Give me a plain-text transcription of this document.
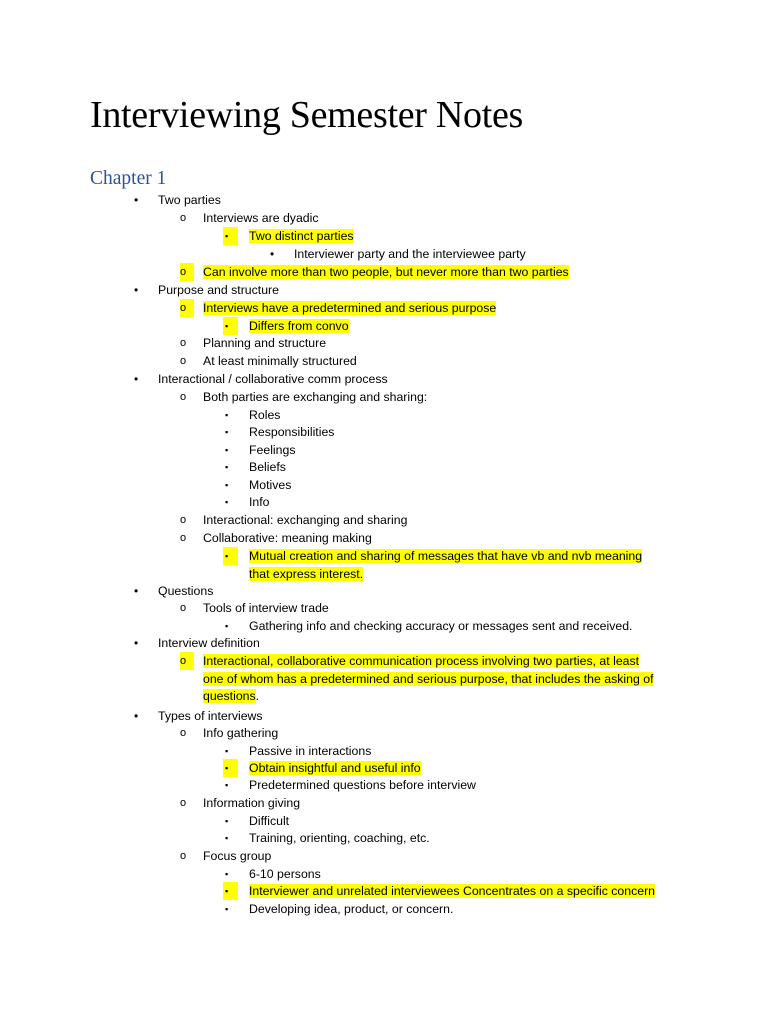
Interviewing Semester Notes
Chapter 1
• Two parties
o Interviews are dyadic
▪	Two distinct parties
• Interviewer party and the interviewee party
o	Can involve more than two people, but never more than two parties
• Purpose and structure
o	Interviews have a predetermined and serious purpose
▪	Differs from convo
o Planning and structure
o At least minimally structured
• Interactional / collaborative comm process
o Both parties are exchanging and sharing:
▪ Roles
▪ Responsibilities
▪ Feelings
▪ Beliefs
▪ Motives
▪ Info
o Interactional: exchanging and sharing
o Collaborative: meaning making
▪	Mutual creation and sharing of messages that have vb and nvb meaning
that express interest.
• Questions
o Tools of interview trade
▪ Gathering info and checking accuracy or messages sent and received.
• Interview definition
o	Interactional, collaborative communication process involving two parties, at least
one of whom has a predetermined and serious purpose, that includes the asking of
questions.
• Types of interviews
o Info gathering
▪ Passive in interactions
▪	Obtain insightful and useful info
▪ Predetermined questions before interview
o Information giving
▪ Difficult
▪ Training, orienting, coaching, etc.
o Focus group
▪ 6-10 persons
▪	Interviewer and unrelated interviewees Concentrates on a specific concern
▪ Developing idea, product, or concern.
